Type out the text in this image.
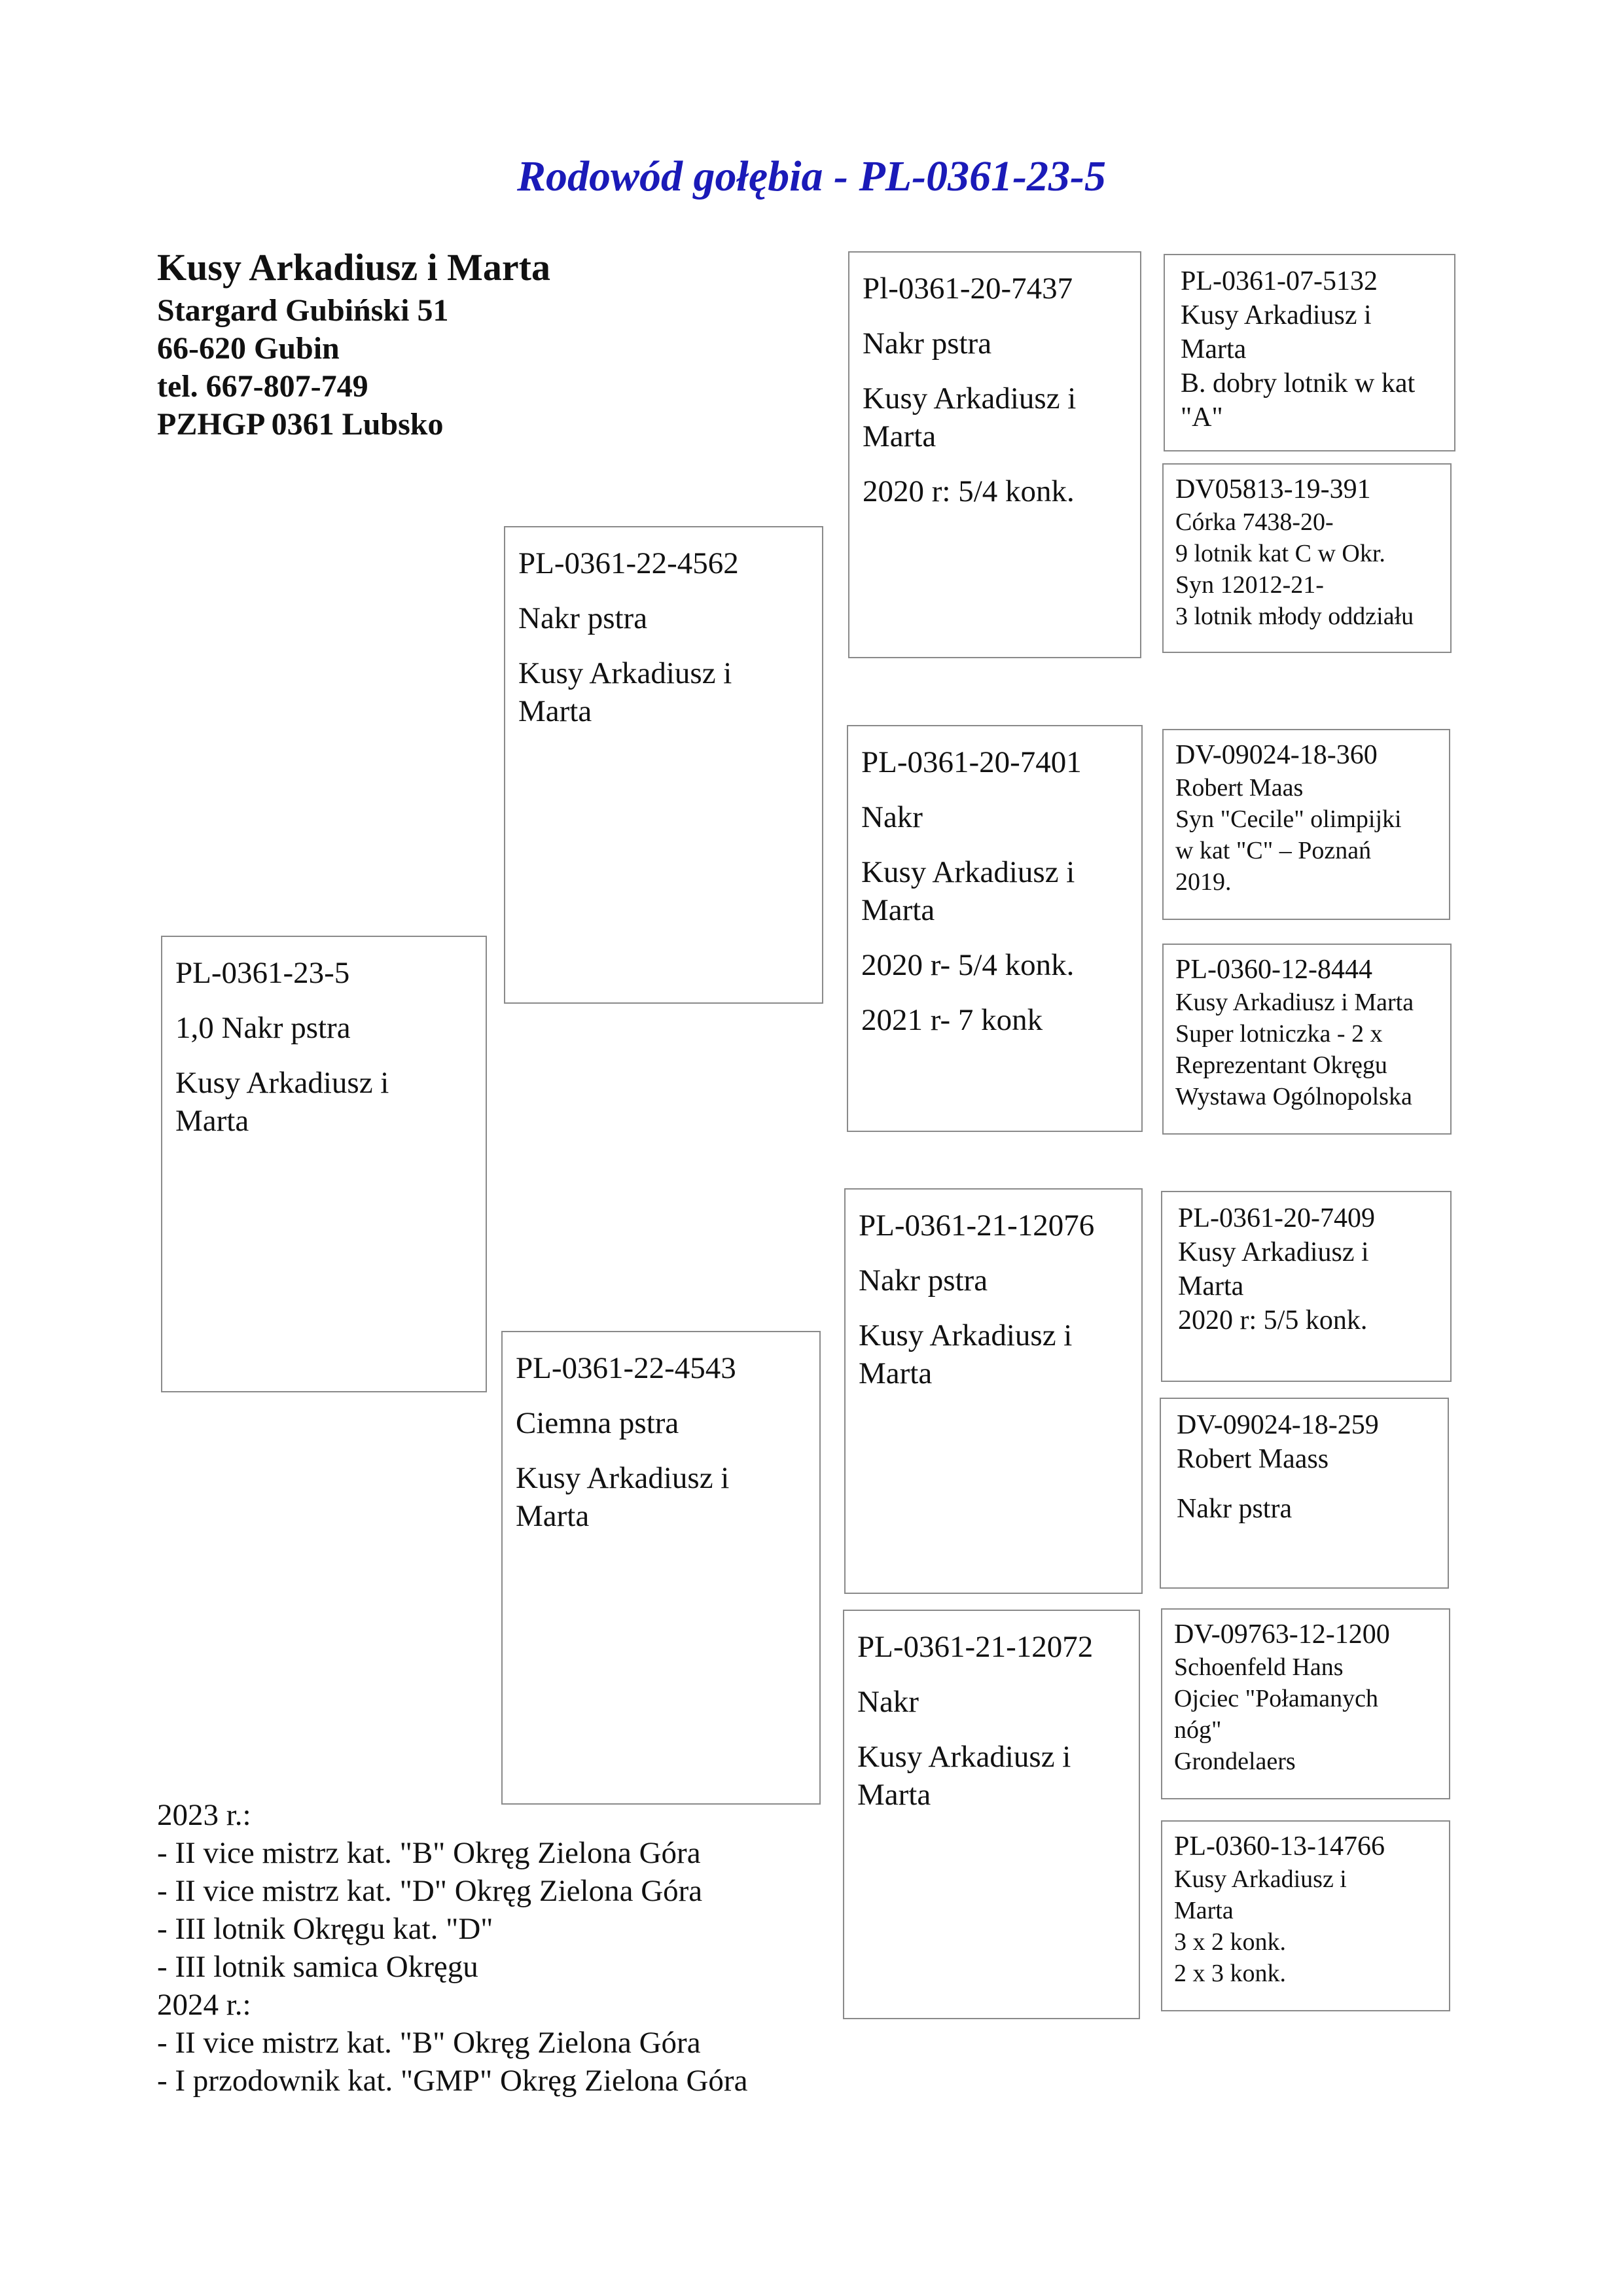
Rodowód gołębia - PL-0361-23-5
Kusy Arkadiusz i Marta
Stargard Gubiński 51
66-620 Gubin
tel. 667-807-749
PZHGP 0361 Lubsko
PL-0361-23-5
1,0 Nakr pstra
Kusy Arkadiusz i
Marta
PL-0361-22-4562
Nakr pstra
Kusy Arkadiusz i
Marta
PL-0361-22-4543
Ciemna pstra
Kusy Arkadiusz i
Marta
Pl-0361-20-7437
Nakr pstra
Kusy Arkadiusz i
Marta
2020 r: 5/4 konk.
PL-0361-20-7401
Nakr
Kusy Arkadiusz i
Marta
2020 r- 5/4 konk.
2021 r- 7 konk
PL-0361-21-12076
Nakr pstra
Kusy Arkadiusz i
Marta
PL-0361-21-12072
Nakr
Kusy Arkadiusz i
Marta
PL-0361-07-5132
Kusy Arkadiusz i
Marta
B. dobry lotnik w kat
"A"
DV05813-19-391
Córka 7438-20-
9 lotnik kat C w Okr.
Syn 12012-21-
3 lotnik młody oddziału
DV-09024-18-360
Robert Maas
Syn "Cecile" olimpijki
w kat "C" – Poznań
2019.
PL-0360-12-8444
Kusy Arkadiusz i Marta
Super lotniczka - 2 x
Reprezentant Okręgu
Wystawa Ogólnopolska
PL-0361-20-7409
Kusy Arkadiusz i
Marta
2020 r: 5/5 konk.
DV-09024-18-259
Robert Maass
Nakr pstra
DV-09763-12-1200
Schoenfeld Hans
Ojciec "Połamanych
nóg"
Grondelaers
PL-0360-13-14766
Kusy Arkadiusz i
Marta
3 x 2 konk.
2 x 3 konk.
2023 r.:
- II vice mistrz kat. "B" Okręg Zielona Góra
- II vice mistrz kat. "D" Okręg Zielona Góra
- III lotnik Okręgu kat. "D"
- III lotnik samica Okręgu
2024 r.:
- II vice mistrz kat. "B" Okręg Zielona Góra
- I przodownik kat. "GMP" Okręg Zielona Góra
